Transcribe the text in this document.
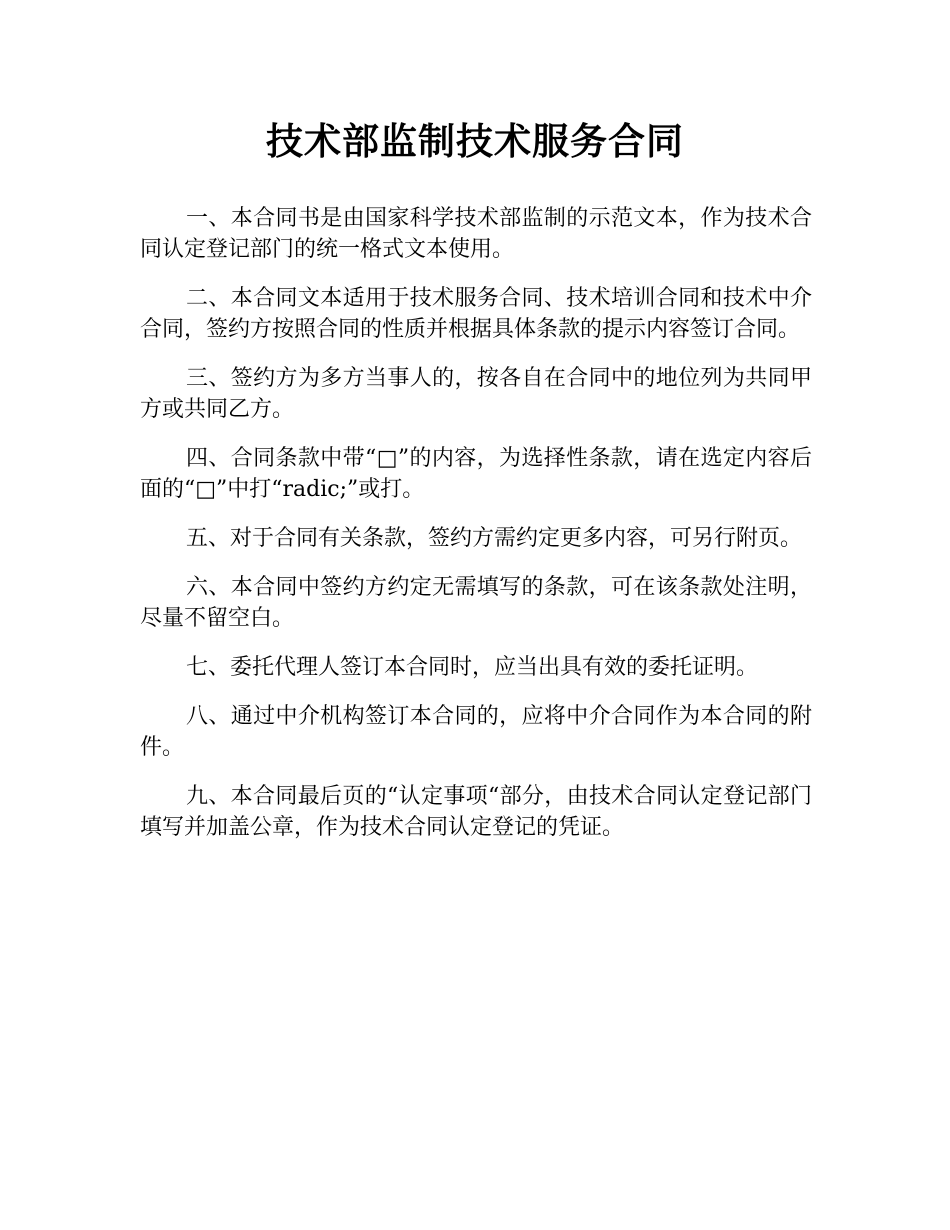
技术部监制技术服务合同

一、本合同书是由国家科学技术部监制的示范文本，作为技术合同认定登记部门的统一格式文本使用。

二、本合同文本适用于技术服务合同、技术培训合同和技术中介合同，签约方按照合同的性质并根据具体条款的提示内容签订合同。

三、签约方为多方当事人的，按各自在合同中的地位列为共同甲方或共同乙方。

四、合同条款中带“□”的内容，为选择性条款，请在选定内容后面的“□”中打“radic;”或打。

五、对于合同有关条款，签约方需约定更多内容，可另行附页。

六、本合同中签约方约定无需填写的条款，可在该条款处注明，尽量不留空白。

七、委托代理人签订本合同时，应当出具有效的委托证明。

八、通过中介机构签订本合同的，应将中介合同作为本合同的附件。

九、本合同最后页的“认定事项“部分，由技术合同认定登记部门填写并加盖公章，作为技术合同认定登记的凭证。
